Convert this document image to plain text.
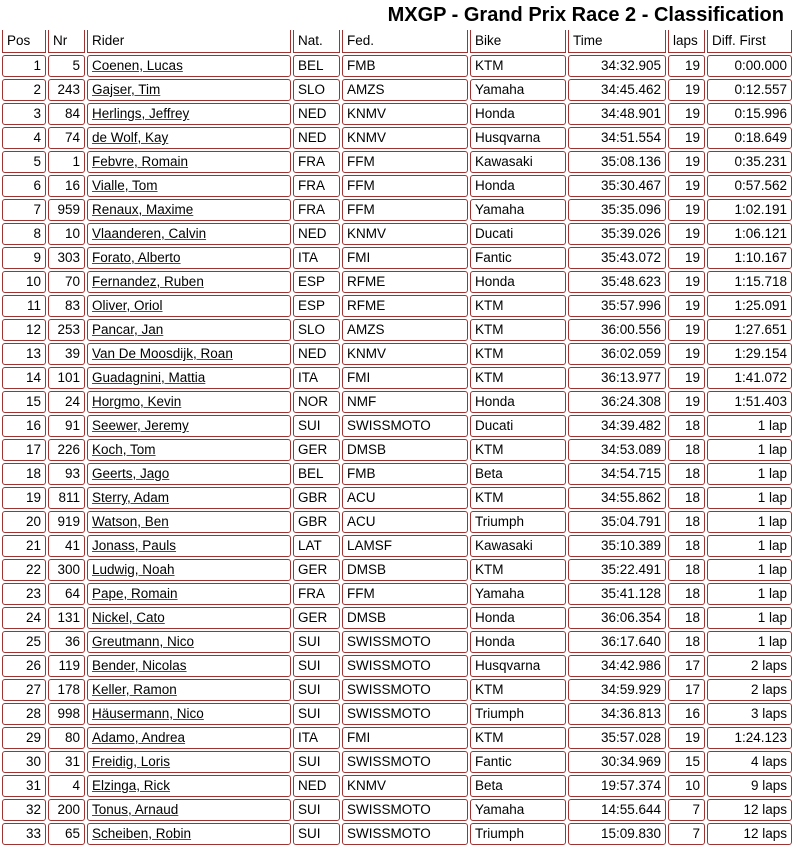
MXGP - Grand Prix Race 2 - Classification
Pos	Nr	Rider	Nat.	Fed.	Bike	Time	laps	Diff. First
1	5 Coenen, Lucas	BEL	FMB	KTM	34:32.905	19	0:00.000
2	243 Gajser, Tim	SLO	AMZS	Yamaha	34:45.462	19	0:12.557
3	84 Herlings, Jeffrey	NED	KNMV	Honda	34:48.901	19	0:15.996
4	74 de Wolf, Kay	NED	KNMV	Husqvarna	34:51.554	19	0:18.649
5	1 Febvre, Romain	FRA	FFM	Kawasaki	35:08.136	19	0:35.231
6	16 Vialle, Tom	FRA	FFM	Honda	35:30.467	19	0:57.562
7	959 Renaux, Maxime	FRA	FFM	Yamaha	35:35.096	19	1:02.191
8	10 Vlaanderen, Calvin	NED	KNMV	Ducati	35:39.026	19	1:06.121
9	303 Forato, Alberto	ITA	FMI	Fantic	35:43.072	19	1:10.167
10	70 Fernandez, Ruben	ESP	RFME	Honda	35:48.623	19	1:15.718
11	83 Oliver, Oriol	ESP	RFME	KTM	35:57.996	19	1:25.091
12	253 Pancar, Jan	SLO	AMZS	KTM	36:00.556	19	1:27.651
13	39 Van De Moosdijk, Roan	NED	KNMV	KTM	36:02.059	19	1:29.154
14	101 Guadagnini, Mattia	ITA	FMI	KTM	36:13.977	19	1:41.072
15	24 Horgmo, Kevin	NOR	NMF	Honda	36:24.308	19	1:51.403
16	91 Seewer, Jeremy	SUI	SWISSMOTO	Ducati	34:39.482	18	1 lap
17	226 Koch, Tom	GER	DMSB	KTM	34:53.089	18	1 lap
18	93 Geerts, Jago	BEL	FMB	Beta	34:54.715	18	1 lap
19	811 Sterry, Adam	GBR	ACU	KTM	34:55.862	18	1 lap
20	919 Watson, Ben	GBR	ACU	Triumph	35:04.791	18	1 lap
21	41 Jonass, Pauls	LAT	LAMSF	Kawasaki	35:10.389	18	1 lap
22	300 Ludwig, Noah	GER	DMSB	KTM	35:22.491	18	1 lap
23	64 Pape, Romain	FRA	FFM	Yamaha	35:41.128	18	1 lap
24	131 Nickel, Cato	GER	DMSB	Honda	36:06.354	18	1 lap
25	36 Greutmann, Nico	SUI	SWISSMOTO	Honda	36:17.640	18	1 lap
26	119 Bender, Nicolas	SUI	SWISSMOTO	Husqvarna	34:42.986	17	2 laps
27	178 Keller, Ramon	SUI	SWISSMOTO	KTM	34:59.929	17	2 laps
28	998 Häusermann, Nico	SUI	SWISSMOTO	Triumph	34:36.813	16	3 laps
29	80 Adamo, Andrea	ITA	FMI	KTM	35:57.028	19	1:24.123
30	31 Freidig, Loris	SUI	SWISSMOTO	Fantic	30:34.969	15	4 laps
31	4 Elzinga, Rick	NED	KNMV	Beta	19:57.374	10	9 laps
32	200 Tonus, Arnaud	SUI	SWISSMOTO	Yamaha	14:55.644	7	12 laps
33	65 Scheiben, Robin	SUI	SWISSMOTO	Triumph	15:09.830	7	12 laps
